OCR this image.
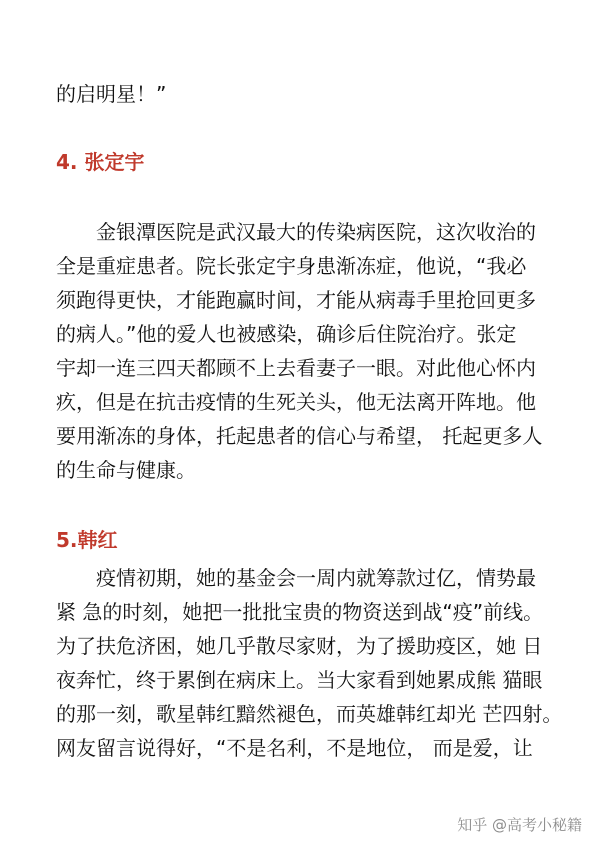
的启明星！”

4. 张定宇

金银潭医院是武汉最大的传染病医院，这次收治的

全是重症患者。院长张定宇身患渐冻症，他说，“我必

须跑得更快，才能跑赢时间，才能从病毒手里抢回更多

的病人。”他的爱人也被感染，确诊后住院治疗。张定

宇却一连三四天都顾不上去看妻子一眼。对此他心怀内

疚，但是在抗击疫情的生死关头，他无法离开阵地。他

要用渐冻的身体，托起患者的信心与希望， 托起更多人

的生命与健康。

5.韩红

疫情初期，她的基金会一周内就筹款过亿，情势最

紧 急的时刻，她把一批批宝贵的物资送到战“疫”前线。

为了扶危济困，她几乎散尽家财，为了援助疫区，她 日

夜奔忙，终于累倒在病床上。当大家看到她累成熊 猫眼

的那一刻，歌星韩红黯然褪色，而英雄韩红却光 芒四射。

网友留言说得好，“不是名利，不是地位， 而是爱，让

知乎 @高考小秘籍
